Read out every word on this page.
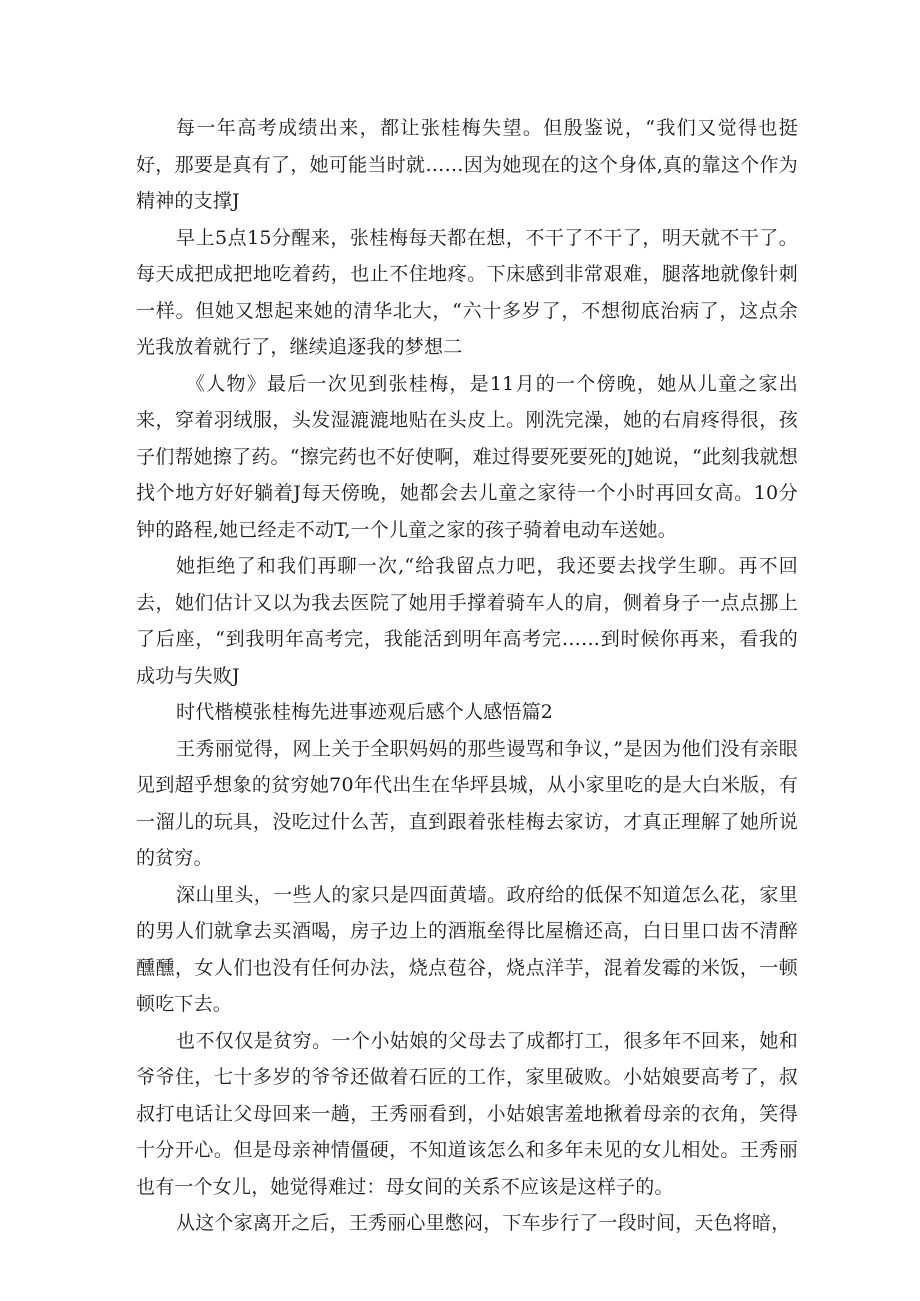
每一年高考成绩出来，都让张桂梅失望。但殷鉴说，“我们又觉得也挺好，那要是真有了，她可能当时就……因为她现在的这个身体,真的靠这个作为精神的支撑J

早上5点15分醒来，张桂梅每天都在想，不干了不干了，明天就不干了。每天成把成把地吃着药，也止不住地疼。下床感到非常艰难，腿落地就像针刺一样。但她又想起来她的清华北大，“六十多岁了，不想彻底治病了，这点余光我放着就行了，继续追逐我的梦想二

《人物》最后一次见到张桂梅，是11月的一个傍晚，她从儿童之家出来，穿着羽绒服，头发湿漉漉地贴在头皮上。刚洗完澡，她的右肩疼得很，孩子们帮她擦了药。“擦完药也不好使啊，难过得要死要死的J她说，“此刻我就想找个地方好好躺着J每天傍晚，她都会去儿童之家待一个小时再回女高。10分钟的路程,她已经走不动T,一个儿童之家的孩子骑着电动车送她。

她拒绝了和我们再聊一次,“给我留点力吧，我还要去找学生聊。再不回去，她们估计又以为我去医院了她用手撑着骑车人的肩，侧着身子一点点挪上了后座，“到我明年高考完，我能活到明年高考完……到时候你再来，看我的成功与失败J

时代楷模张桂梅先进事迹观后感个人感悟篇2

王秀丽觉得，网上关于全职妈妈的那些谩骂和争议，”是因为他们没有亲眼见到超乎想象的贫穷她70年代出生在华坪县城，从小家里吃的是大白米版，有一溜儿的玩具，没吃过什么苦，直到跟着张桂梅去家访，才真正理解了她所说的贫穷。

深山里头，一些人的家只是四面黄墙。政府给的低保不知道怎么花，家里的男人们就拿去买酒喝，房子边上的酒瓶垒得比屋檐还高，白日里口齿不清醉醺醺，女人们也没有任何办法，烧点苞谷，烧点洋芋，混着发霉的米饭，一顿顿吃下去。

也不仅仅是贫穷。一个小姑娘的父母去了成都打工，很多年不回来，她和爷爷住，七十多岁的爷爷还做着石匠的工作，家里破败。小姑娘要高考了，叔叔打电话让父母回来一趟，王秀丽看到，小姑娘害羞地揪着母亲的衣角，笑得十分开心。但是母亲神情僵硬，不知道该怎么和多年未见的女儿相处。王秀丽也有一个女儿，她觉得难过：母女间的关系不应该是这样子的。

从这个家离开之后，王秀丽心里憋闷，下车步行了一段时间，天色将暗，
